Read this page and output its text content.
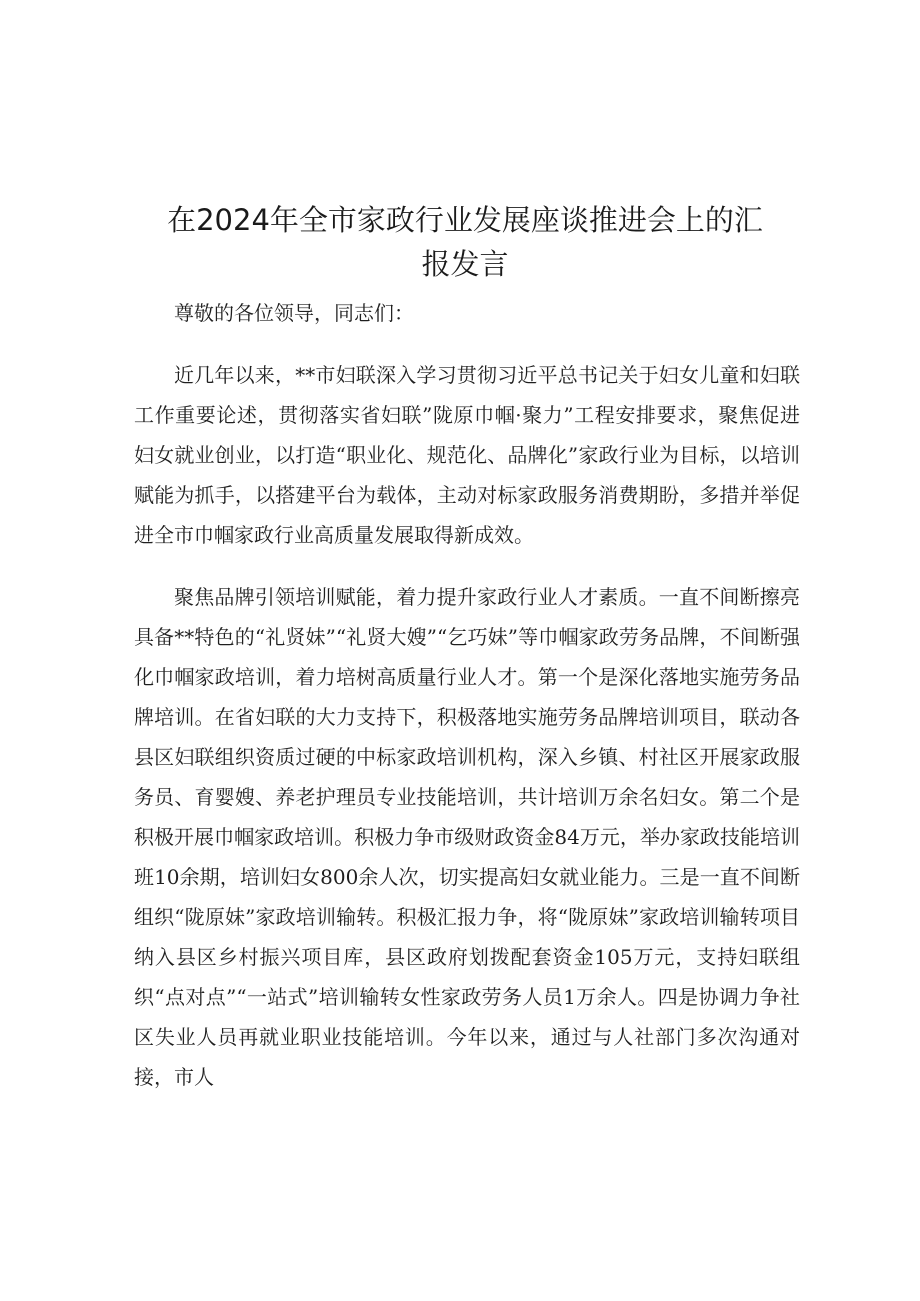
在2024年全市家政行业发展座谈推进会上的汇
报发言

尊敬的各位领导，同志们：

近几年以来，**市妇联深入学习贯彻习近平总书记关于妇女儿童和妇联工作重要论述，贯彻落实省妇联”陇原巾帼·聚力”工程安排要求，聚焦促进妇女就业创业，以打造“职业化、规范化、品牌化”家政行业为目标，以培训赋能为抓手，以搭建平台为载体，主动对标家政服务消费期盼，多措并举促进全市巾帼家政行业高质量发展取得新成效。

聚焦品牌引领培训赋能，着力提升家政行业人才素质。一直不间断擦亮具备**特色的“礼贤妹”“礼贤大嫂”“乞巧妹”等巾帼家政劳务品牌，不间断强化巾帼家政培训，着力培树高质量行业人才。第一个是深化落地实施劳务品牌培训。在省妇联的大力支持下，积极落地实施劳务品牌培训项目，联动各县区妇联组织资质过硬的中标家政培训机构，深入乡镇、村社区开展家政服务员、育婴嫂、养老护理员专业技能培训，共计培训万余名妇女。第二个是积极开展巾帼家政培训。积极力争市级财政资金84万元，举办家政技能培训班10余期，培训妇女800余人次，切实提高妇女就业能力。三是一直不间断组织“陇原妹”家政培训输转。积极汇报力争，将“陇原妹”家政培训输转项目纳入县区乡村振兴项目库，县区政府划拨配套资金105万元，支持妇联组织“点对点”“一站式”培训输转女性家政劳务人员1万余人。四是协调力争社区失业人员再就业职业技能培训。今年以来，通过与人社部门多次沟通对接，市人
